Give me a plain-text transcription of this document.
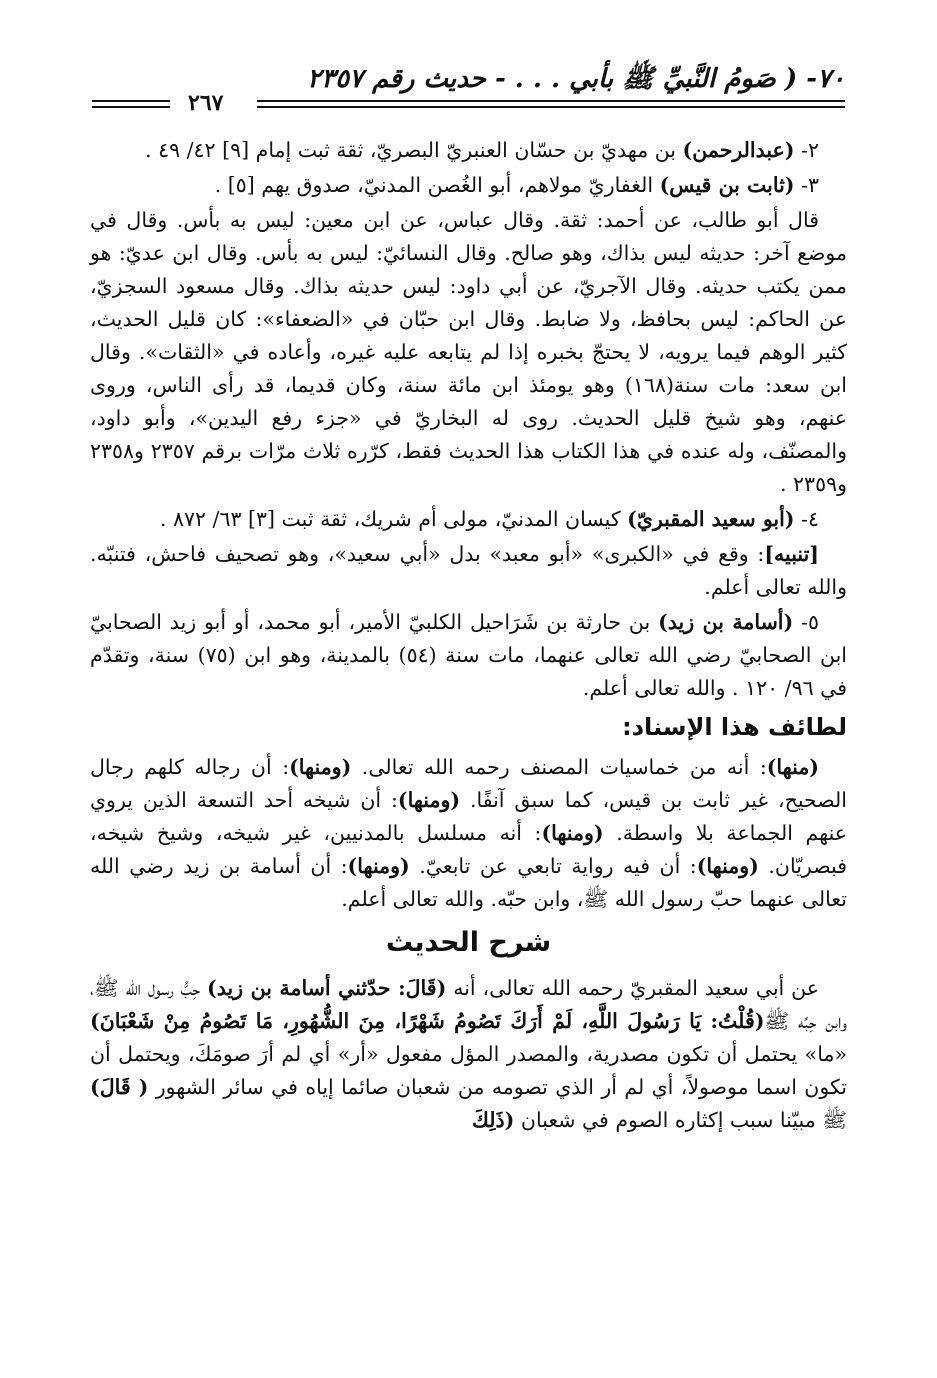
٧٠- ( صَومُ النَّبيِّ ﷺ بأبي . . . - حديث رقم ٢٣٥٧
٢٦٧

٢- (عبدالرحمن) بن مهديّ بن حسّان العنبريّ البصريّ، ثقة ثبت إمام [٩] ٤٢/ ٤٩ .

٣- (ثابت بن قيس) الغفاريّ مولاهم، أبو الغُصن المدنيّ، صدوق يهم [٥] .

قال أبو طالب، عن أحمد: ثقة. وقال عباس، عن ابن معين: ليس به بأس. وقال في موضع آخر: حديثه ليس بذاك، وهو صالح. وقال النسائيّ: ليس به بأس. وقال ابن عديّ: هو ممن يكتب حديثه. وقال الآجريّ، عن أبي داود: ليس حديثه بذاك. وقال مسعود السجزيّ، عن الحاكم: ليس بحافظ، ولا ضابط. وقال ابن حبّان في «الضعفاء»: كان قليل الحديث، كثير الوهم فيما يرويه، لا يحتجّ بخبره إذا لم يتابعه عليه غيره، وأعاده في «الثقات». وقال ابن سعد: مات سنة(١٦٨) وهو يومئذ ابن مائة سنة، وكان قديما، قد رأى الناس، وروى عنهم، وهو شيخ قليل الحديث. روى له البخاريّ في «جزء رفع اليدين»، وأبو داود، والمصنّف، وله عنده في هذا الكتاب هذا الحديث فقط، كرّره ثلاث مرّات برقم ٢٣٥٧ و٢٣٥٨ و٢٣٥٩ .

٤- (أبو سعيد المقبريّ) كيسان المدنيّ، مولى أم شريك، ثقة ثبت [٣] ٦٣/ ٨٧٢ .

[تنبيه]: وقع في «الكبرى» «أبو معبد» بدل «أبي سعيد»، وهو تصحيف فاحش، فتنبّه. والله تعالى أعلم.

٥- (أسامة بن زيد) بن حارثة بن شَرَاحيل الكلبيّ الأمير، أبو محمد، أو أبو زيد الصحابيّ ابن الصحابيّ رضي الله تعالى عنهما، مات سنة (٥٤) بالمدينة، وهو ابن (٧٥) سنة، وتقدّم في ٩٦/ ١٢٠ . والله تعالى أعلم.

لطائف هذا الإسناد:

(منها): أنه من خماسيات المصنف رحمه الله تعالى. (ومنها): أن رجاله كلهم رجال الصحيح، غير ثابت بن قيس، كما سبق آنفًا. (ومنها): أن شيخه أحد التسعة الذين يروي عنهم الجماعة بلا واسطة. (ومنها): أنه مسلسل بالمدنيين، غير شيخه، وشيخ شيخه، فبصريّان. (ومنها): أن فيه رواية تابعي عن تابعيّ. (ومنها): أن أسامة بن زيد رضي الله تعالى عنهما حبّ رسول الله ﷺ، وابن حبّه. والله تعالى أعلم.

شرح الحديث

عن أبي سعيد المقبريّ رحمه الله تعالى، أنه (قَالَ: حدّثني أسامة بن زيد) حِبُّ رسول الله ﷺ، وابن حِبِّه ﷺ(قُلْتُ: يَا رَسُولَ اللَّهِ، لَمْ أَرَكَ تَصُومُ شَهْرًا، مِنَ الشُّهُورِ، مَا تَصُومُ مِنْ شَعْبَانَ) «ما» يحتمل أن تكون مصدرية، والمصدر المؤل مفعول «أر» أي لم أرَ صومَكَ، ويحتمل أن تكون اسما موصولاً، أي لم أر الذي تصومه من شعبان صائما إياه في سائر الشهور ( قَالَ) ﷺ مبيّنا سبب إكثاره الصوم في شعبان (ذَلِكَ
